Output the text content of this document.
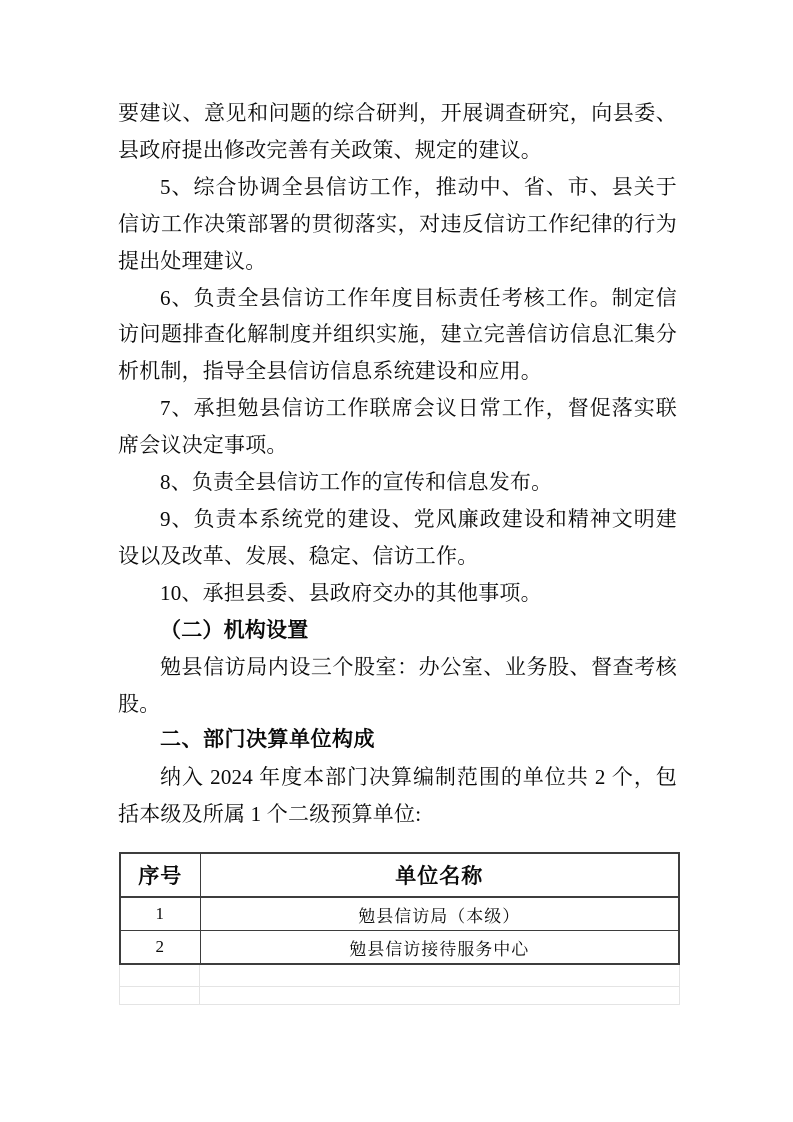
要建议、意见和问题的综合研判，开展调查研究，向县委、县政府提出修改完善有关政策、规定的建议。
5、综合协调全县信访工作，推动中、省、市、县关于信访工作决策部署的贯彻落实，对违反信访工作纪律的行为提出处理建议。
6、负责全县信访工作年度目标责任考核工作。制定信访问题排查化解制度并组织实施，建立完善信访信息汇集分析机制，指导全县信访信息系统建设和应用。
7、承担勉县信访工作联席会议日常工作，督促落实联席会议决定事项。
8、负责全县信访工作的宣传和信息发布。
9、负责本系统党的建设、党风廉政建设和精神文明建设以及改革、发展、稳定、信访工作。
10、承担县委、县政府交办的其他事项。
（二）机构设置
勉县信访局内设三个股室：办公室、业务股、督查考核股。
二、部门决算单位构成
纳入 2024 年度本部门决算编制范围的单位共 2 个，包括本级及所属 1 个二级预算单位:
序号	单位名称
1	勉县信访局（本级）
2	勉县信访接待服务中心
